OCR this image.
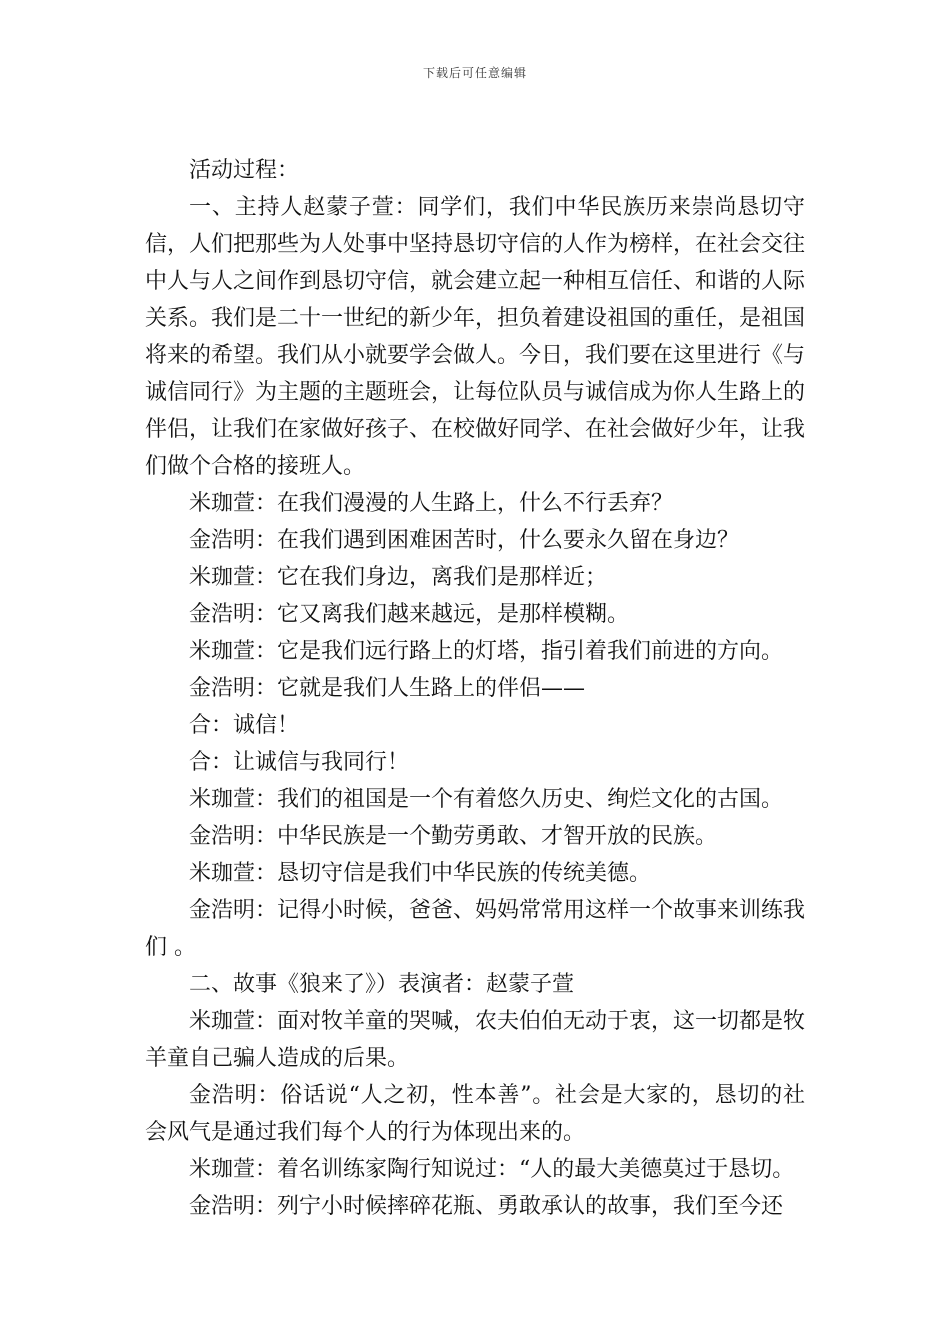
下载后可任意编辑

活动过程：

一、主持人赵蒙子萱：同学们，我们中华民族历来崇尚恳切守信，人们把那些为人处事中坚持恳切守信的人作为榜样，在社会交往中人与人之间作到恳切守信，就会建立起一种相互信任、和谐的人际关系。我们是二十一世纪的新少年，担负着建设祖国的重任，是祖国将来的希望。我们从小就要学会做人。今日，我们要在这里进行《与诚信同行》为主题的主题班会，让每位队员与诚信成为你人生路上的伴侣，让我们在家做好孩子、在校做好同学、在社会做好少年，让我们做个合格的接班人。

米珈萱：在我们漫漫的人生路上，什么不行丢弃？

金浩明：在我们遇到困难困苦时，什么要永久留在身边？

米珈萱：它在我们身边，离我们是那样近；

金浩明：它又离我们越来越远，是那样模糊。

米珈萱：它是我们远行路上的灯塔，指引着我们前进的方向。

金浩明：它就是我们人生路上的伴侣——

合：诚信！

合：让诚信与我同行！

米珈萱：我们的祖国是一个有着悠久历史、绚烂文化的古国。

金浩明：中华民族是一个勤劳勇敢、才智开放的民族。

米珈萱：恳切守信是我们中华民族的传统美德。

金浩明：记得小时候，爸爸、妈妈常常用这样一个故事来训练我们 。

二、故事《狼来了》）表演者：赵蒙子萱

米珈萱：面对牧羊童的哭喊，农夫伯伯无动于衷，这一切都是牧羊童自己骗人造成的后果。

金浩明：俗话说“人之初，性本善”。社会是大家的，恳切的社会风气是通过我们每个人的行为体现出来的。

米珈萱：着名训练家陶行知说过：“人的最大美德莫过于恳切。

金浩明：列宁小时候摔碎花瓶、勇敢承认的故事，我们至今还
